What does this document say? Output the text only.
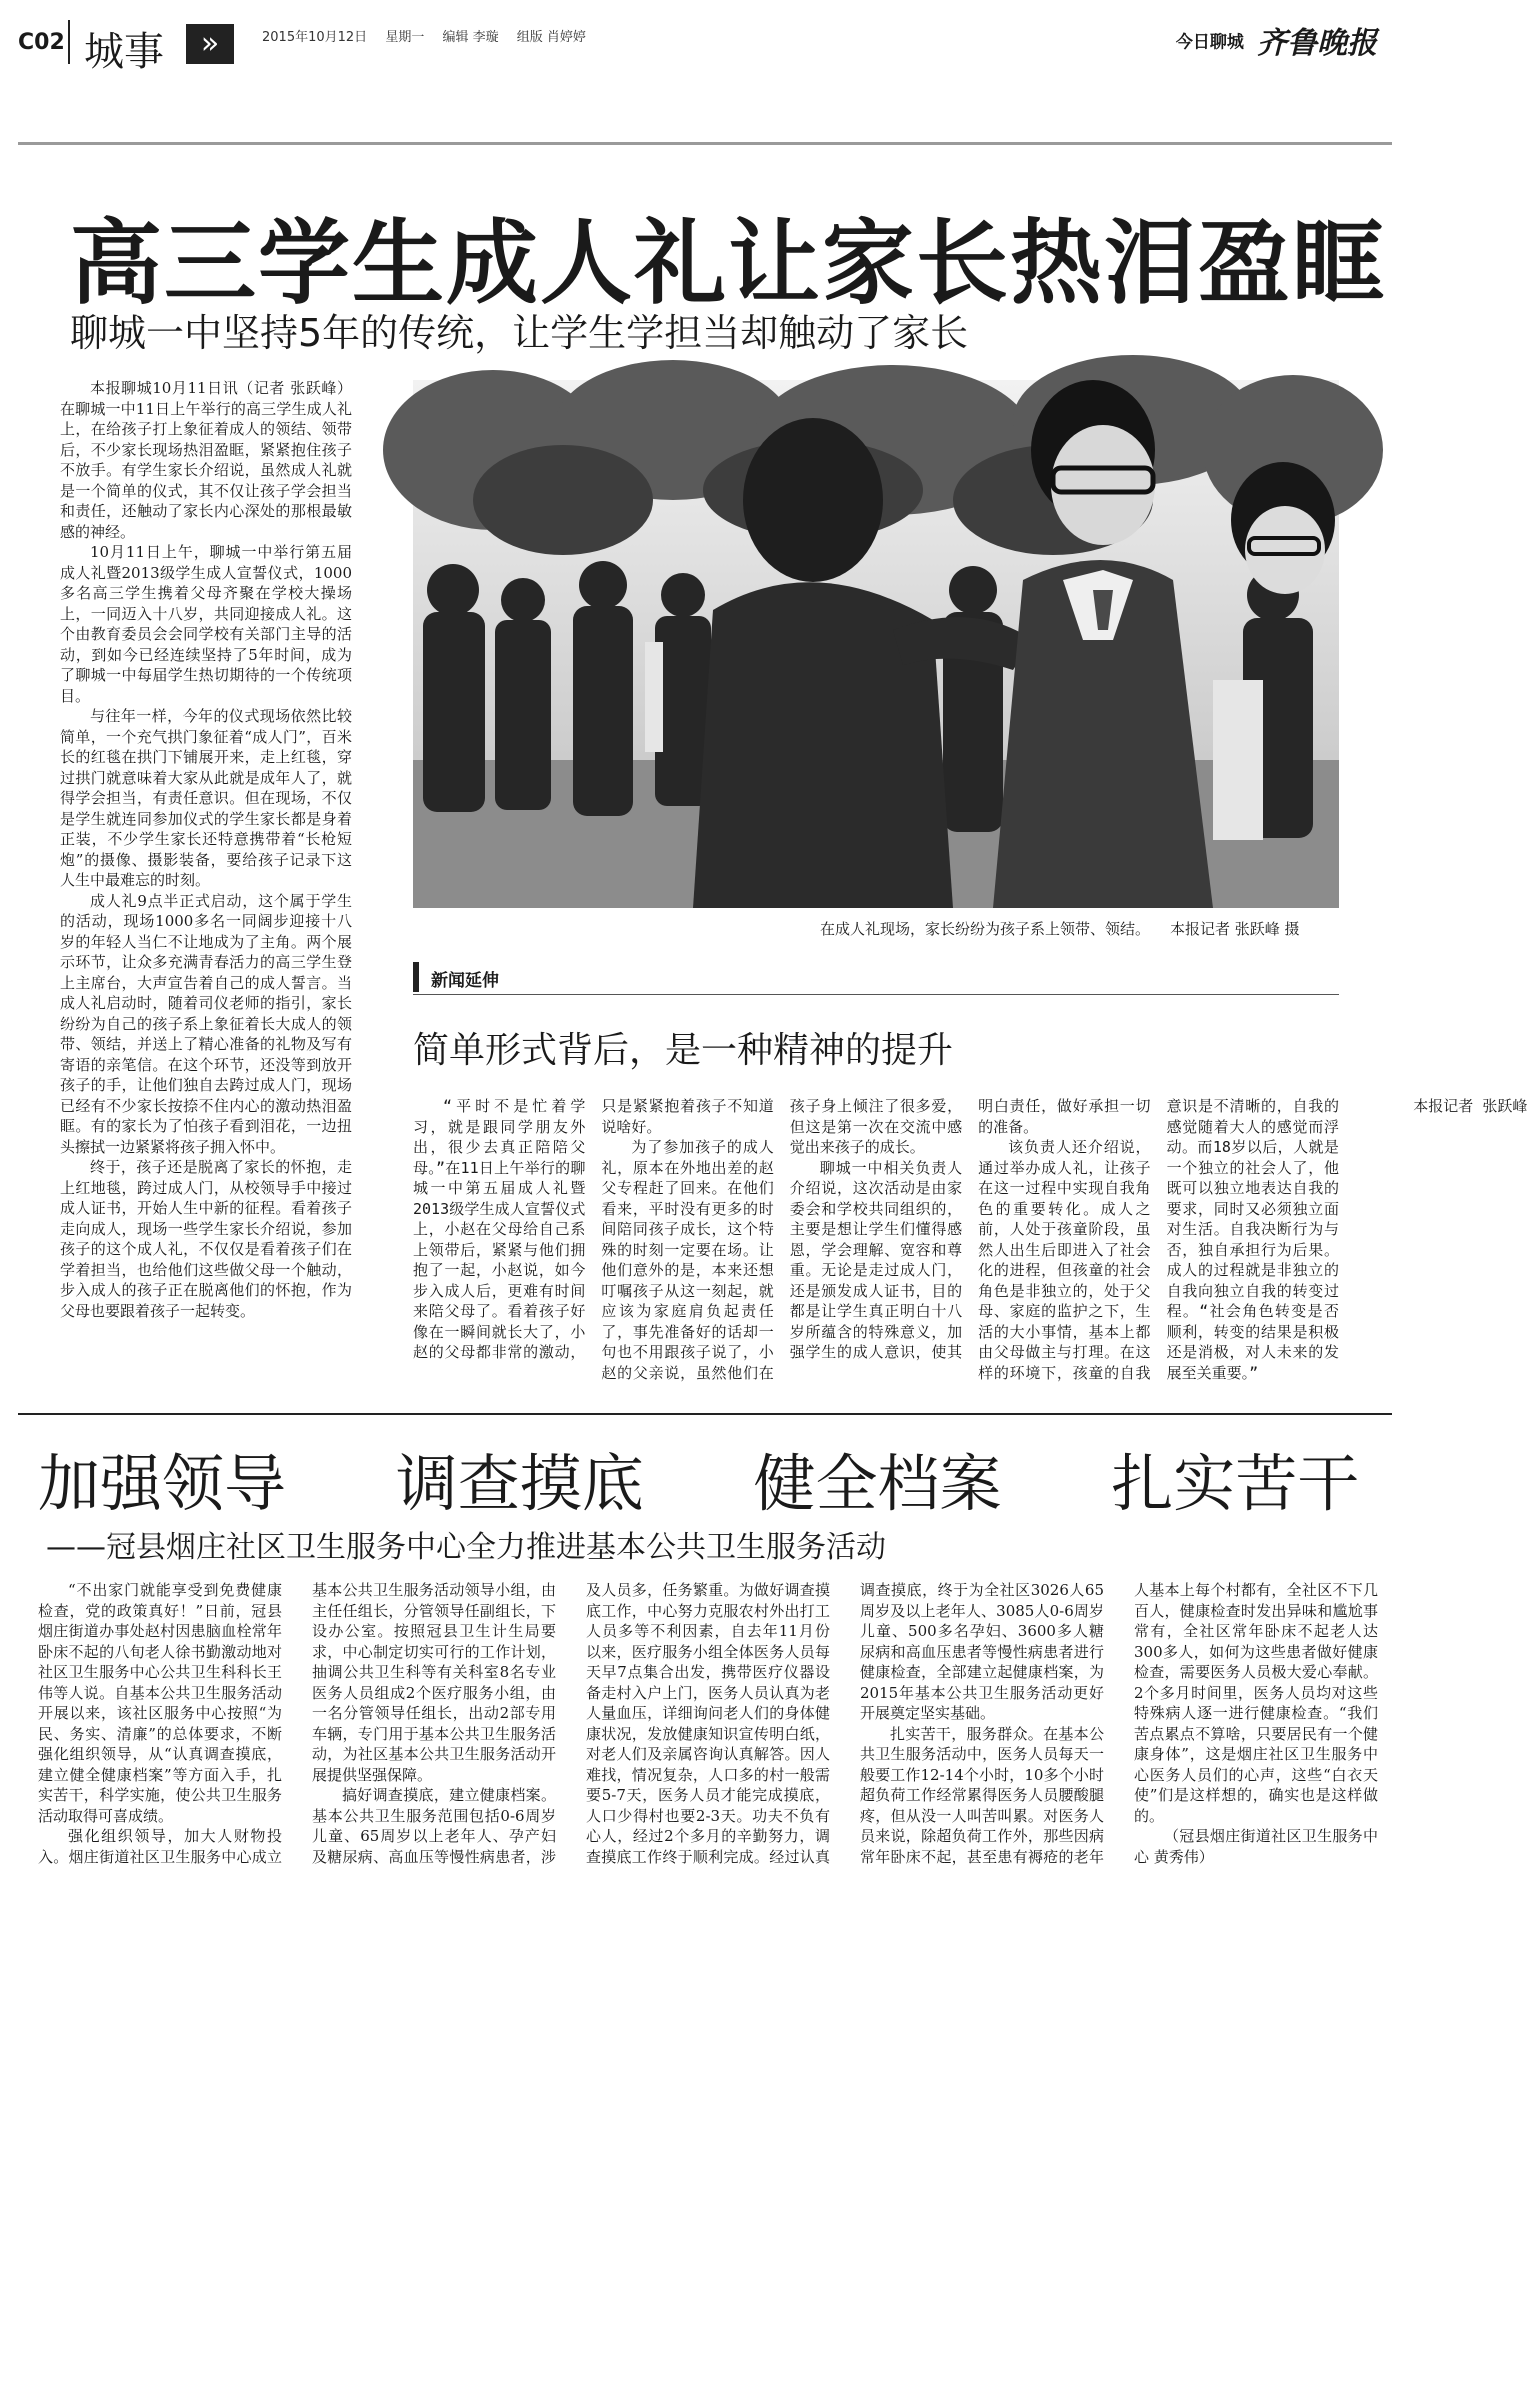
C02 城事	»	2015年10月12日 星期一 编辑 李璇 组版 肖婷婷	今日聊城 齐鲁晚报
高三学生成人礼让家长热泪盈眶
聊城一中坚持5年的传统，让学生学担当却触动了家长

本报聊城10月11日讯（记者 张跃峰） 在聊城一中11日上午举行的高三学生成人礼上，在给孩子打上象征着成人的领结、领带后，不少家长现场热泪盈眶，紧紧抱住孩子不放手。有学生家长介绍说，虽然成人礼就是一个简单的仪式，其不仅让孩子学会担当和责任，还触动了家长内心深处的那根最敏感的神经。

10月11日上午，聊城一中举行第五届成人礼暨2013级学生成人宣誓仪式，1000多名高三学生携着父母齐聚在学校大操场上，一同迈入十八岁，共同迎接成人礼。这个由教育委员会会同学校有关部门主导的活动，到如今已经连续坚持了5年时间，成为了聊城一中每届学生热切期待的一个传统项目。

与往年一样，今年的仪式现场依然比较简单，一个充气拱门象征着“成人门”，百米长的红毯在拱门下铺展开来，走上红毯，穿过拱门就意味着大家从此就是成年人了，就得学会担当，有责任意识。但在现场，不仅是学生就连同参加仪式的学生家长都是身着正装，不少学生家长还特意携带着“长枪短炮”的摄像、摄影装备，要给孩子记录下这人生中最难忘的时刻。

成人礼9点半正式启动，这个属于学生的活动，现场1000多名一同阔步迎接十八岁的年轻人当仁不让地成为了主角。两个展示环节，让众多充满青春活力的高三学生登上主席台，大声宣告着自己的成人誓言。当成人礼启动时，随着司仪老师的指引，家长纷纷为自己的孩子系上象征着长大成人的领带、领结，并送上了精心准备的礼物及写有寄语的亲笔信。在这个环节，还没等到放开孩子的手，让他们独自去跨过成人门，现场已经有不少家长按捺不住内心的激动热泪盈眶。有的家长为了怕孩子看到泪花，一边扭头擦拭一边紧紧将孩子拥入怀中。

终于，孩子还是脱离了家长的怀抱，走上红地毯，跨过成人门，从校领导手中接过成人证书，开始人生中新的征程。看着孩子走向成人，现场一些学生家长介绍说，参加孩子的这个成人礼，不仅仅是看着孩子们在学着担当，也给他们这些做父母一个触动，步入成人的孩子正在脱离他们的怀抱，作为父母也要跟着孩子一起转变。

在成人礼现场，家长纷纷为孩子系上领带、领结。 本报记者 张跃峰 摄
新闻延伸
简单形式背后，是一种精神的提升

“平时不是忙着学习，就是跟同学朋友外出，很少去真正陪陪父母。”在11日上午举行的聊城一中第五届成人礼暨2013级学生成人宣誓仪式上，小赵在父母给自己系上领带后，紧紧与他们拥抱了一起，小赵说，如今步入成人后，更难有时间来陪父母了。看着孩子好像在一瞬间就长大了，小赵的父母都非常的激动，只是紧紧抱着孩子不知道说啥好。

为了参加孩子的成人礼，原本在外地出差的赵父专程赶了回来。在他们看来，平时没有更多的时间陪同孩子成长，这个特殊的时刻一定要在场。让他们意外的是，本来还想叮嘱孩子从这一刻起，就应该为家庭肩负起责任了，事先准备好的话却一句也不用跟孩子说了，小赵的父亲说，虽然他们在孩子身上倾注了很多爱，但这是第一次在交流中感觉出来孩子的成长。

聊城一中相关负责人介绍说，这次活动是由家委会和学校共同组织的，主要是想让学生们懂得感恩，学会理解、宽容和尊重。无论是走过成人门，还是颁发成人证书，目的都是让学生真正明白十八岁所蕴含的特殊意义，加强学生的成人意识，使其明白责任，做好承担一切的准备。

该负责人还介绍说，通过举办成人礼，让孩子在这一过程中实现自我角色的重要转化。成人之前，人处于孩童阶段，虽然人出生后即进入了社会化的进程，但孩童的社会角色是非独立的，处于父母、家庭的监护之下，生活的大小事情，基本上都由父母做主与打理。在这样的环境下，孩童的自我意识是不清晰的，自我的感觉随着大人的感觉而浮动。而18岁以后，人就是一个独立的社会人了，他既可以独立地表达自我的要求，同时又必须独立面对生活。自我决断行为与否，独自承担行为后果。成人的过程就是非独立的自我向独立自我的转变过程。“社会角色转变是否顺利，转变的结果是积极还是消极，对人未来的发展至关重要。”

本报记者 张跃峰

加强领导 调查摸底 健全档案 扎实苦干
——冠县烟庄社区卫生服务中心全力推进基本公共卫生服务活动

“不出家门就能享受到免费健康检查，党的政策真好！”日前，冠县烟庄街道办事处赵村因患脑血栓常年卧床不起的八旬老人徐书勤激动地对社区卫生服务中心公共卫生科科长王伟等人说。自基本公共卫生服务活动开展以来，该社区服务中心按照“为民、务实、清廉”的总体要求，不断强化组织领导，从“认真调查摸底，建立健全健康档案”等方面入手，扎实苦干，科学实施，使公共卫生服务活动取得可喜成绩。

强化组织领导，加大人财物投入。烟庄街道社区卫生服务中心成立基本公共卫生服务活动领导小组，由主任任组长，分管领导任副组长，下设办公室。按照冠县卫生计生局要求，中心制定切实可行的工作计划，抽调公共卫生科等有关科室8名专业医务人员组成2个医疗服务小组，由一名分管领导任组长，出动2部专用车辆，专门用于基本公共卫生服务活动，为社区基本公共卫生服务活动开展提供坚强保障。

搞好调查摸底，建立健康档案。基本公共卫生服务范围包括0-6周岁儿童、65周岁以上老年人、孕产妇及糖尿病、高血压等慢性病患者，涉及人员多，任务繁重。为做好调查摸底工作，中心努力克服农村外出打工人员多等不利因素，自去年11月份以来，医疗服务小组全体医务人员每天早7点集合出发，携带医疗仪器设备走村入户上门，医务人员认真为老人量血压，详细询问老人们的身体健康状况，发放健康知识宣传明白纸，对老人们及亲属咨询认真解答。因人难找，情况复杂，人口多的村一般需要5-7天，医务人员才能完成摸底，人口少得村也要2-3天。功夫不负有心人，经过2个多月的辛勤努力，调查摸底工作终于顺利完成。经过认真调查摸底，终于为全社区3026人65周岁及以上老年人、3085人0-6周岁儿童、500多名孕妇、3600多人糖尿病和高血压患者等慢性病患者进行健康检查，全部建立起健康档案，为2015年基本公共卫生服务活动更好开展奠定坚实基础。

扎实苦干，服务群众。在基本公共卫生服务活动中，医务人员每天一般要工作12-14个小时，10多个小时超负荷工作经常累得医务人员腰酸腿疼，但从没一人叫苦叫累。对医务人员来说，除超负荷工作外，那些因病常年卧床不起，甚至患有褥疮的老年人基本上每个村都有，全社区不下几百人，健康检查时发出异味和尴尬事常有，全社区常年卧床不起老人达300多人，如何为这些患者做好健康检查，需要医务人员极大爱心奉献。2个多月时间里，医务人员均对这些特殊病人逐一进行健康检查。“我们苦点累点不算啥，只要居民有一个健康身体”，这是烟庄社区卫生服务中心医务人员们的心声，这些“白衣天使”们是这样想的，确实也是这样做的。

（冠县烟庄街道社区卫生服务中心 黄秀伟）
